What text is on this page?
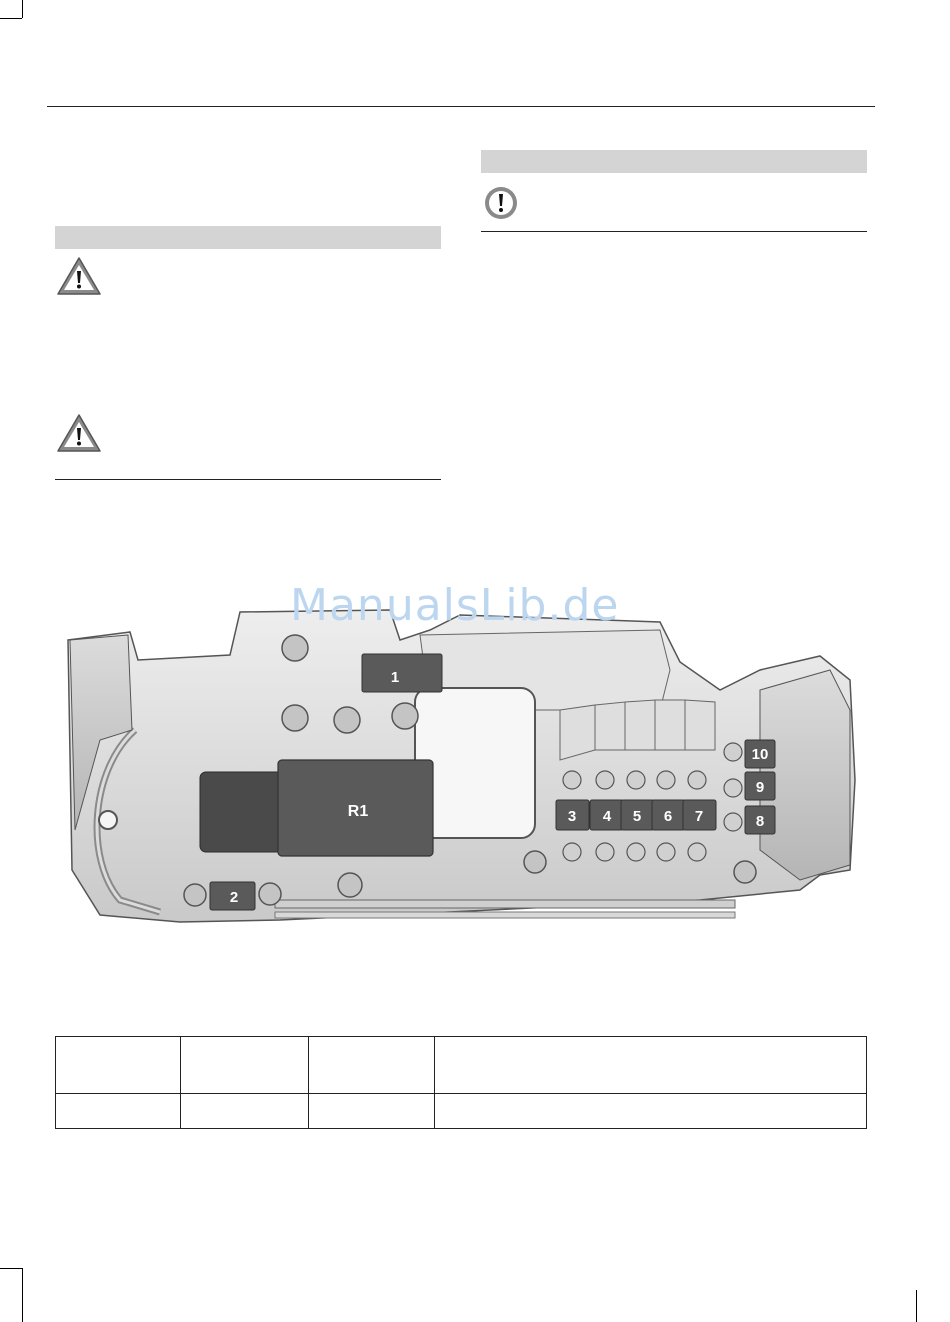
1
2
3 4 5 6 7	8
9
10
R1
ManualsLib.de
